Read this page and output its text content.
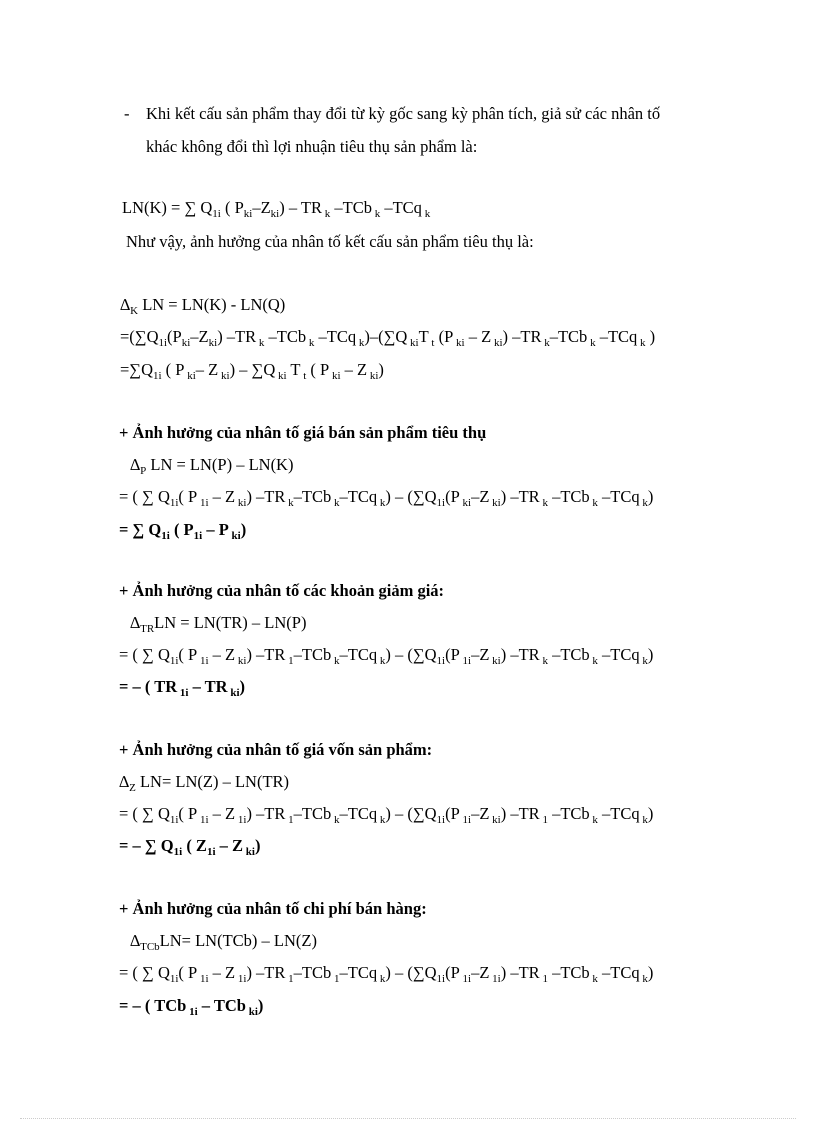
- Khi kết cấu sản phẩm thay đổi từ kỳ gốc sang kỳ phân tích, giả sử các nhân tố
khác không đổi thì lợi nhuận tiêu thụ sản phẩm là:
LN(K) = ∑ $Q_{1i}$ ( $P_{ki}-Z_{ki}$) – TR $_k$ –TCb $_k$ –TCq $_k$
Như vậy, ảnh hưởng của nhân tố kết cấu sản phẩm tiêu thụ là:
$\Delta_K$ LN = LN(K) - LN(Q)
$=(\sum Q_{1i}(P_{ki}-Z_{ki})$ –TR $_k$ –TCb $_k$ –TCq $_k$)–(∑Q $_{ki}$T $_t$ (P $_{ki}$ – Z $_{ki}$) –TR $_k$–TCb $_k$ –TCq $_k$ )
$=\sum Q_{1i}$ ( P $_{ki}$– Z $_{ki}$) – ∑Q $_{ki}$ T $_t$ ( P $_{ki}$ – Z $_{ki}$)
+ Ảnh hưởng của nhân tố giá bán sản phẩm tiêu thụ
$\Delta_P$ LN = LN(P) – LN(K)
= ( ∑ $Q_{1i}$( P $_{1i}$ – Z $_{ki}$) –TR $_k$–TCb $_k$–TCq $_k) - (\sum Q_{1i}(P$ $_{ki}$–Z $_{ki}$) –TR $_k$ –TCb $_k$ –TCq $_k$)
= ∑ $Q_{1i}$ ( $P_{1i}$ – P $_{ki}$)
+ Ảnh hưởng của nhân tố các khoản giảm giá:
$\Delta_{TR}LN = LN(TR) - LN(P)$
= ( ∑ $Q_{1i}$( P $_{1i}$ – Z $_{ki}$) –TR $_1$–TCb $_k$–TCq $_k) - (\sum Q_{1i}(P$ $_{1i}$–Z $_{ki}$) –TR $_k$ –TCb $_k$ –TCq $_k$)
= – ( TR $_{1i}$ – TR $_{ki}$)
+ Ảnh hưởng của nhân tố giá vốn sản phẩm:
$\Delta_Z$ LN= LN(Z) – LN(TR)
= ( ∑ $Q_{1i}$( P $_{1i}$ – Z $_{1i}$) –TR $_1$–TCb $_k$–TCq $_k) - (\sum Q_{1i}(P$ $_{1i}$–Z $_{ki}$) –TR $_1$ –TCb $_k$ –TCq $_k$)
= – ∑ $Q_{1i}$ ( $Z_{1i}$ – Z $_{ki}$)
+ Ảnh hưởng của nhân tố chi phí bán hàng:
$\Delta_{TCb}LN= LN(TCb) - LN(Z)$
= ( ∑ $Q_{1i}$( P $_{1i}$ – Z $_{1i}$) –TR $_1$–TCb $_1$–TCq $_k) - (\sum Q_{1i}(P$ $_{1i}$–Z $_{1i}$) –TR $_1$ –TCb $_k$ –TCq $_k$)
= – ( TCb $_{1i}$ – TCb $_{ki}$)
